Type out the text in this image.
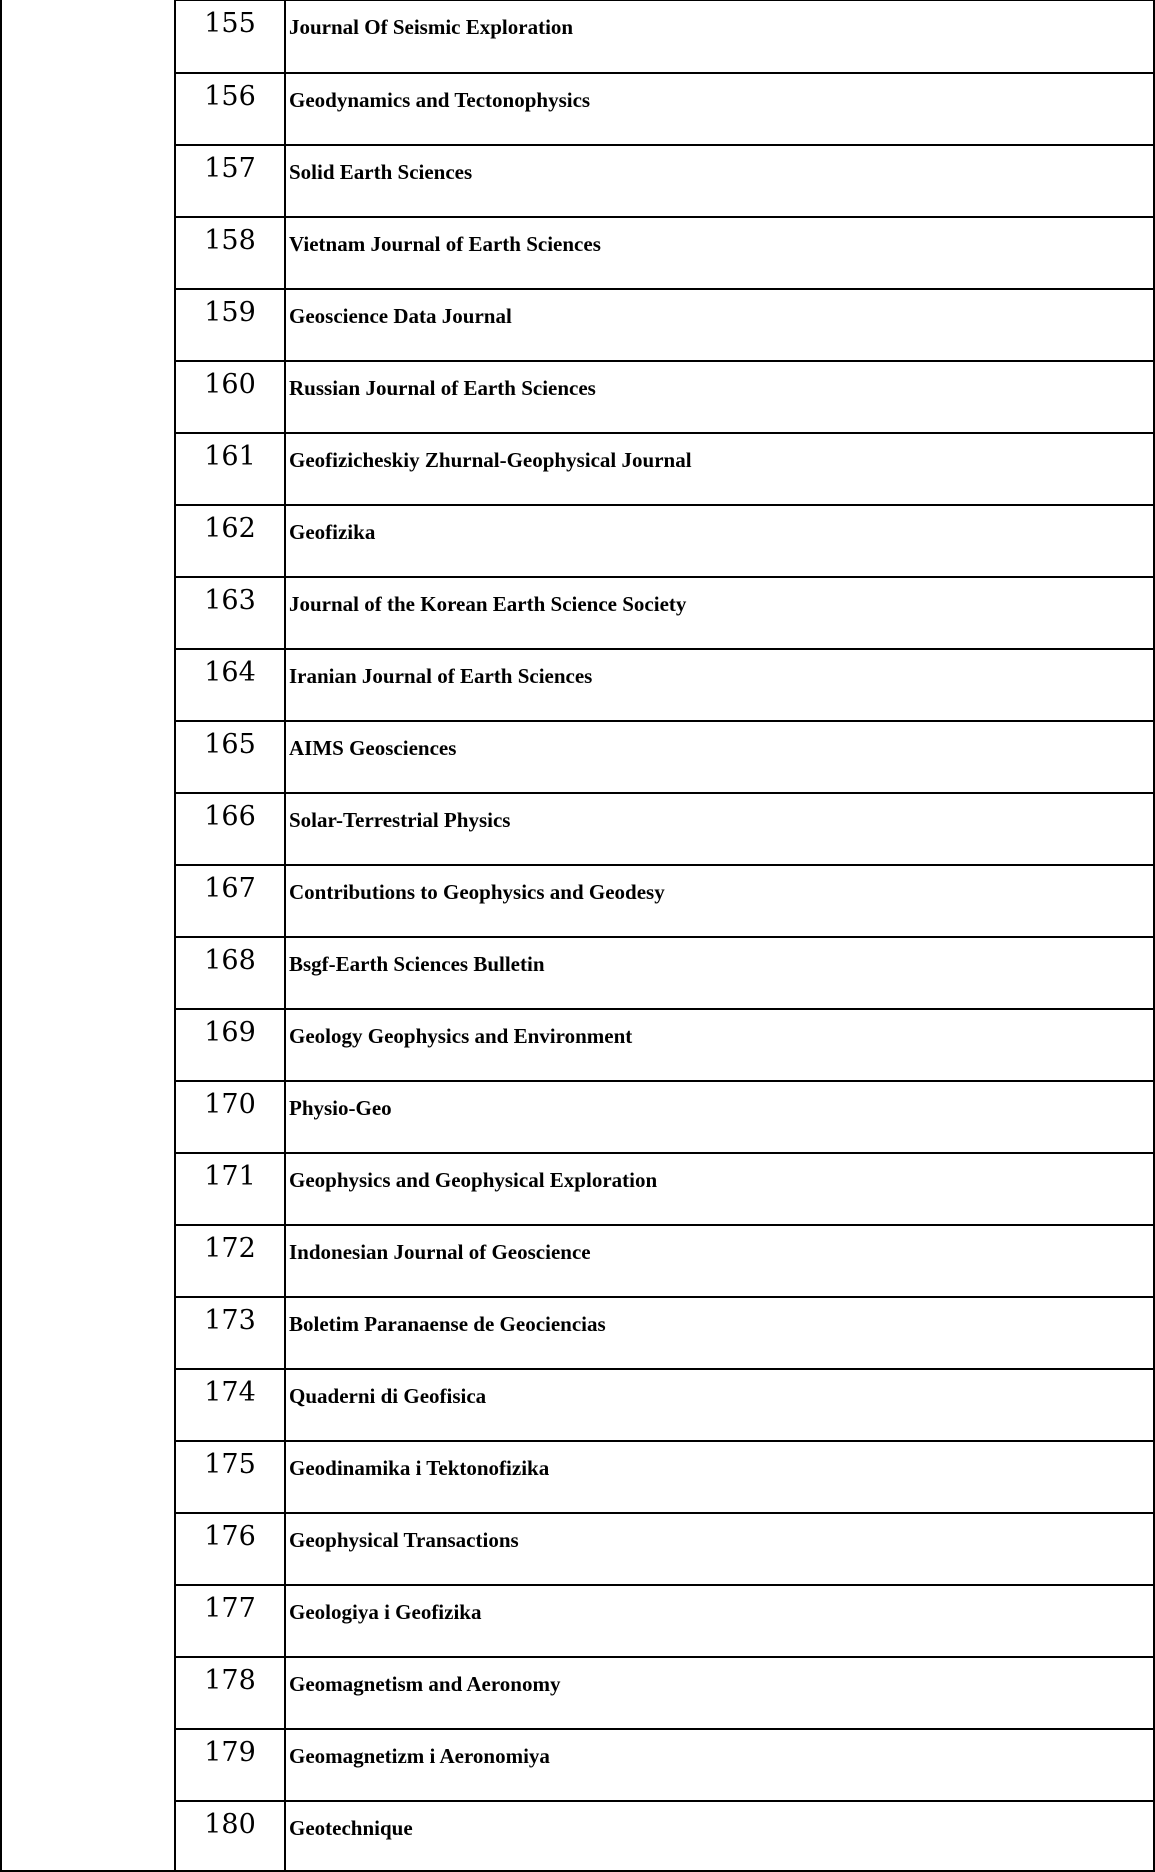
155	Journal Of Seismic Exploration
156	Geodynamics and Tectonophysics
157	Solid Earth Sciences
158	Vietnam Journal of Earth Sciences
159	Geoscience Data Journal
160	Russian Journal of Earth Sciences
161	Geofizicheskiy Zhurnal-Geophysical Journal
162	Geofizika
163	Journal of the Korean Earth Science Society
164	Iranian Journal of Earth Sciences
165	AIMS Geosciences
166	Solar-Terrestrial Physics
167	Contributions to Geophysics and Geodesy
168	Bsgf-Earth Sciences Bulletin
169	Geology Geophysics and Environment
170	Physio-Geo
171	Geophysics and Geophysical Exploration
172	Indonesian Journal of Geoscience
173	Boletim Paranaense de Geociencias
174	Quaderni di Geofisica
175	Geodinamika i Tektonofizika
176	Geophysical Transactions
177	Geologiya i Geofizika
178	Geomagnetism and Aeronomy
179	Geomagnetizm i Aeronomiya
180	Geotechnique
